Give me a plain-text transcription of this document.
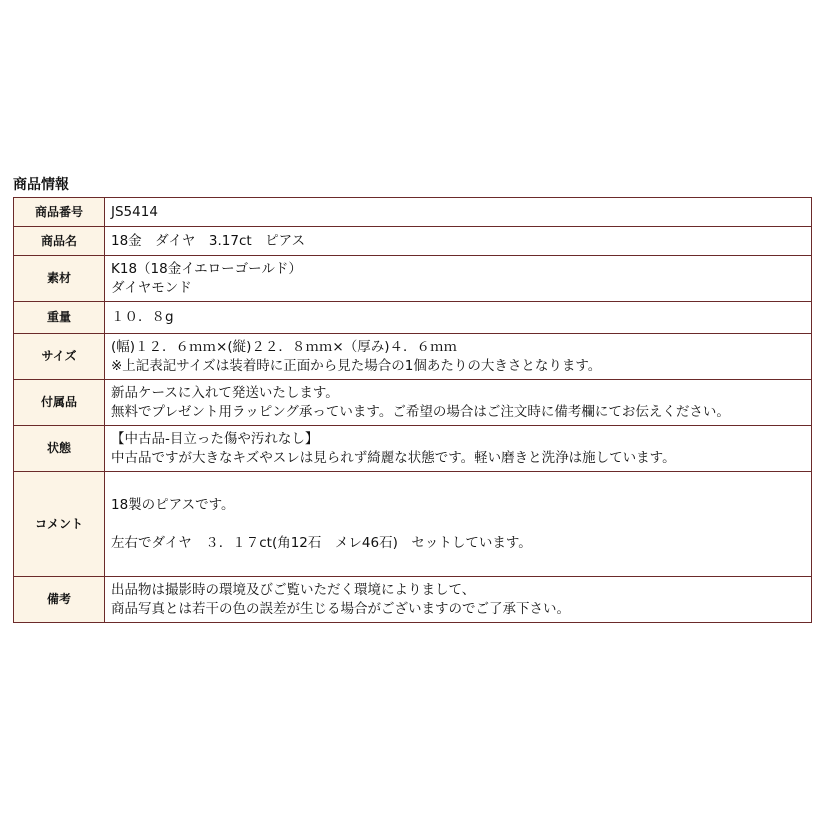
商品情報
商品番号	JS5414

商品名	18金　ダイヤ　3.17ct　ピアス

素材	K18（18金イエローゴールド）
ダイヤモンド

重量	１０．８g

サイズ	(幅)１２．６ｍｍ×(縦)２２．８ｍｍ×（厚み)４．６ｍｍ
※上記表記サイズは装着時に正面から見た場合の1個あたりの大きさとなります。

付属品	新品ケースに入れて発送いたします。
無料でプレゼント用ラッピング承っています。ご希望の場合はご注文時に備考欄にてお伝えください。

状態	【中古品-目立った傷や汚れなし】
中古品ですが大きなキズやスレは見られず綺麗な状態です。軽い磨きと洗浄は施しています。

コメント	18製のピアスです。
左右でダイヤ　３．１７ct(角12石　メレ46石)　セットしています。

備考	出品物は撮影時の環境及びご覧いただく環境によりまして、
商品写真とは若干の色の誤差が生じる場合がございますのでご了承下さい。
